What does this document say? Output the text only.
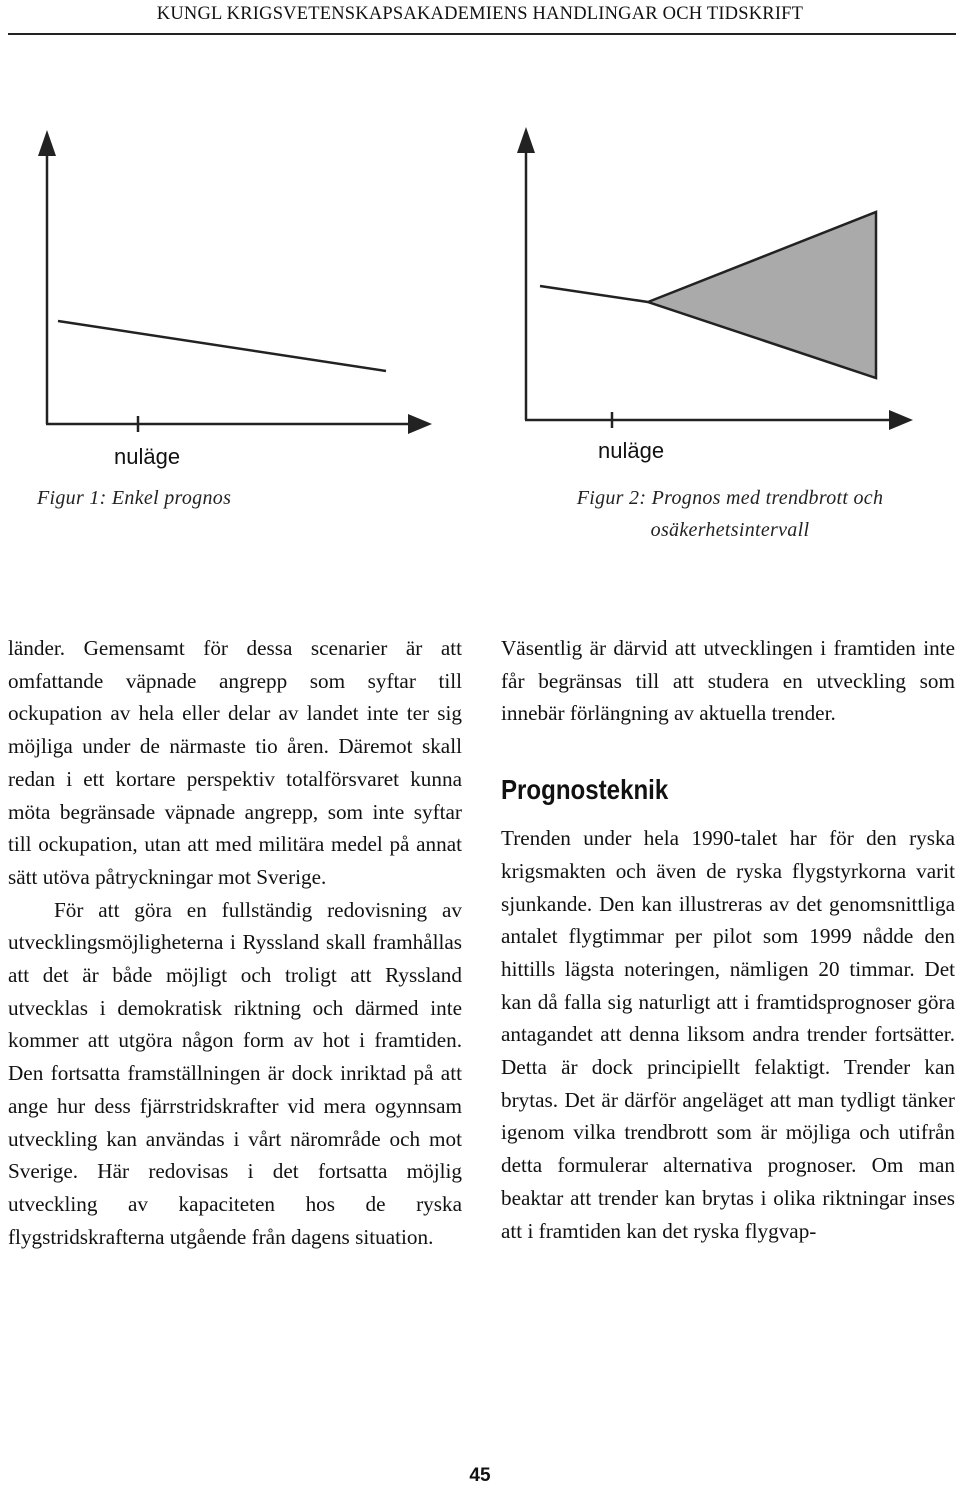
KUNGL KRIGSVETENSKAPSAKADEMIENS HANDLINGAR OCH TIDSKRIFT
nuläge
Figur 1: Enkel prognos
nuläge
Figur 2: Prognos med trendbrott och
osäkerhetsintervall

länder. Gemensamt för dessa scenarier är att omfattande väpnade angrepp som syftar till ockupation av hela eller delar av landet inte ter sig möjliga under de närmaste tio åren. Däremot skall redan i ett kortare perspektiv totalförsvaret kunna möta begränsade väpnade angrepp, som inte syftar till ockupation, utan att med militära medel på annat sätt utöva påtryckningar mot Sverige.

För att göra en fullständig redovisning av utvecklingsmöjligheterna i Ryssland skall framhållas att det är både möjligt och troligt att Ryssland utvecklas i demokratisk riktning och därmed inte kommer att utgöra någon form av hot i framtiden. Den fortsatta framställningen är dock inriktad på att ange hur dess fjärrstridskrafter vid mera ogynnsam utveckling kan användas i vårt närområde och mot Sverige. Här redovisas i det fortsatta möjlig utveckling av kapaciteten hos de ryska flygstridskrafterna utgående från dagens situation.

Väsentlig är därvid att utvecklingen i framtiden inte får begränsas till att studera en utveckling som innebär förlängning av aktuella trender.

Prognosteknik

Trenden under hela 1990-talet har för den ryska krigsmakten och även de ryska flygstyrkorna varit sjunkande. Den kan illustreras av det genomsnittliga antalet flygtimmar per pilot som 1999 nådde den hittills lägsta noteringen, nämligen 20 timmar. Det kan då falla sig naturligt att i framtidsprognoser göra antagandet att denna liksom andra trender fortsätter. Detta är dock principiellt felaktigt. Trender kan brytas. Det är därför angeläget att man tydligt tänker igenom vilka trendbrott som är möjliga och utifrån detta formulerar alternativa prognoser. Om man beaktar att trender kan brytas i olika riktningar inses att i framtiden kan det ryska flygvap-

45
